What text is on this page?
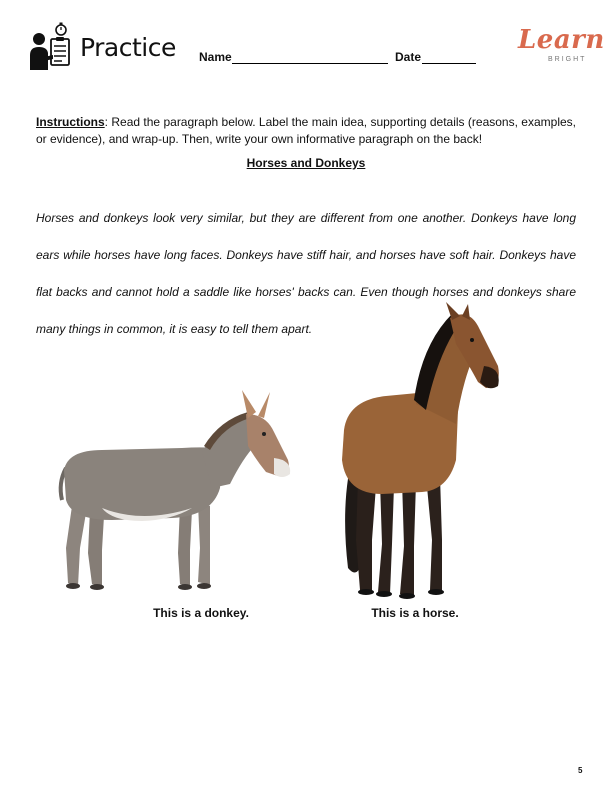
Practice Name	Date
Learn
BRIGHT
Instructions: Read the paragraph below. Label the main idea, supporting details (reasons, examples, or evidence), and wrap-up. Then, write your own informative paragraph on the back!
Horses and Donkeys
Horses and donkeys look very similar, but they are different from one another. Donkeys have long ears while horses have long faces. Donkeys have stiff hair, and horses have soft hair. Donkeys have flat backs and cannot hold a saddle like horses' backs can. Even though horses and donkeys share many things in common, it is easy to tell them apart.
This is a donkey.	This is a horse.
5
